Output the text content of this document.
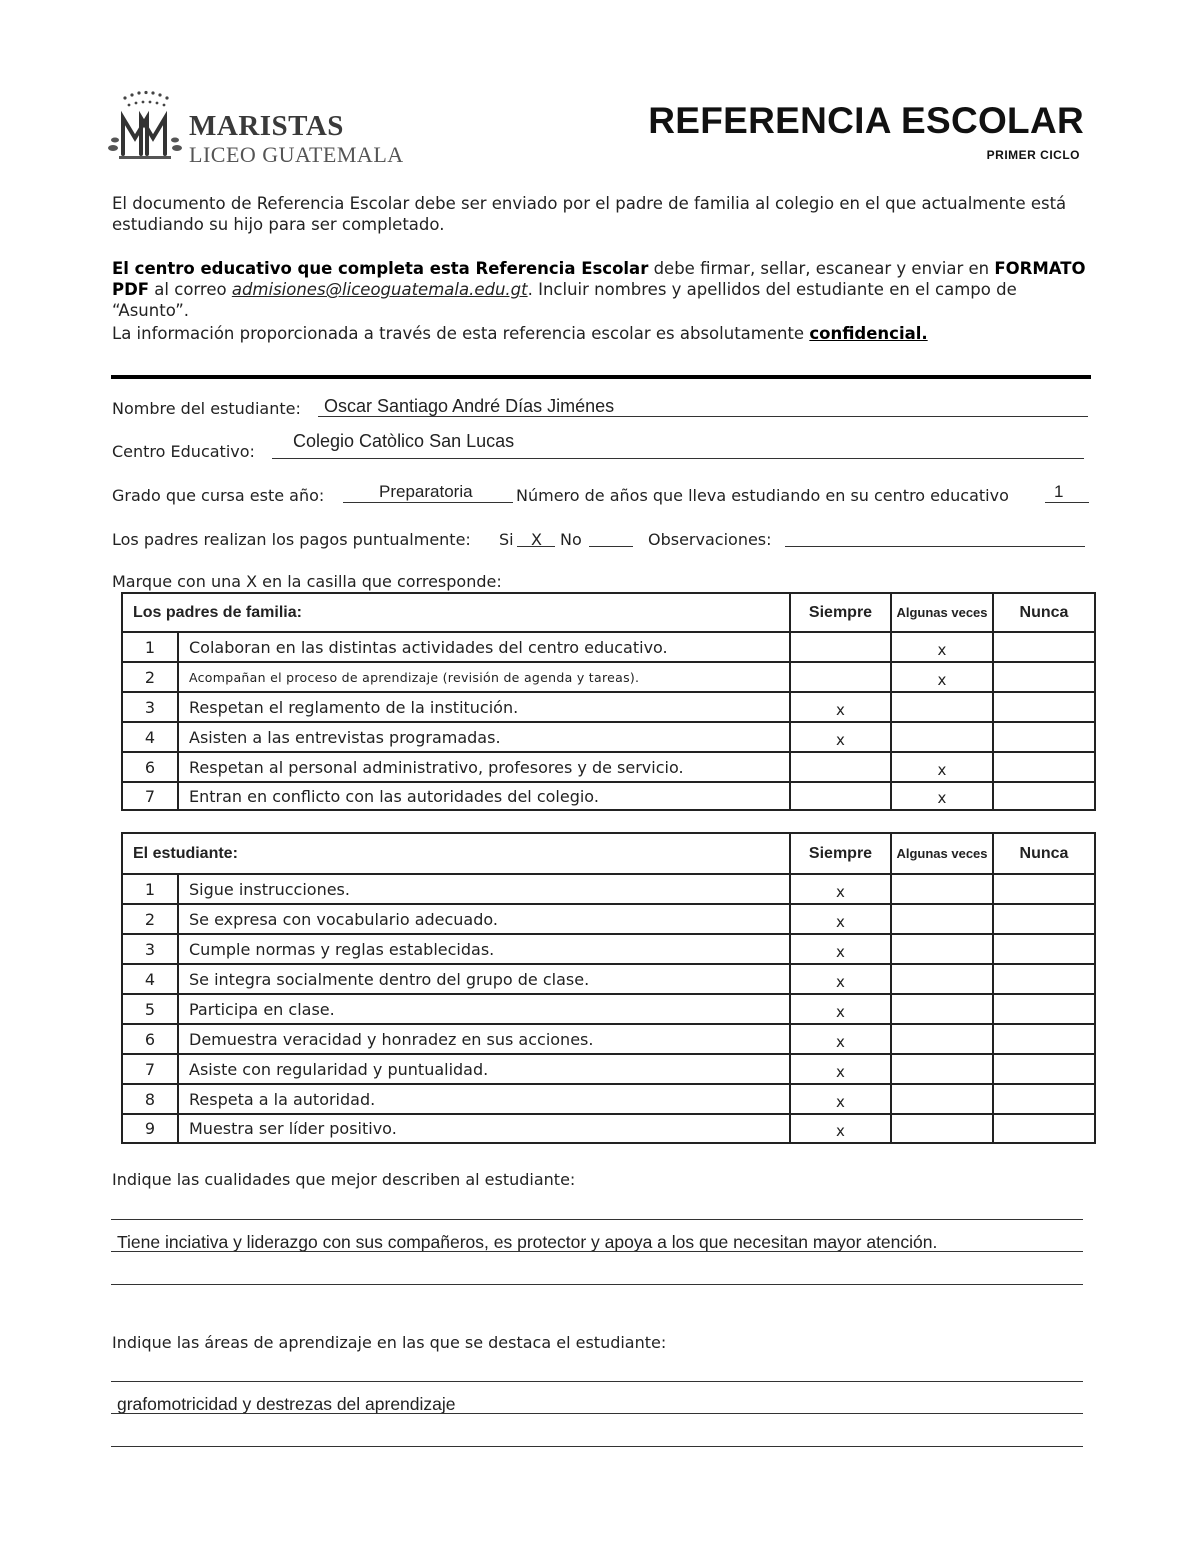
MARISTAS
LICEO GUATEMALA
REFERENCIA ESCOLAR
PRIMER CICLO
El documento de Referencia Escolar debe ser enviado por el padre de familia al colegio en el que actualmente está estudiando su hijo para ser completado.
El centro educativo que completa esta Referencia Escolar debe firmar, sellar, escanear y enviar en FORMATO PDF al correo admisiones@liceoguatemala.edu.gt. Incluir nombres y apellidos del estudiante en el campo de “Asunto”.
La información proporcionada a través de esta referencia escolar es absolutamente confidencial.
Nombre del estudiante: Oscar Santiago André Días Jiménes
Centro Educativo:
Colegio Catòlico San Lucas
Grado que cursa este año:	Preparatoria	Número de años que lleva estudiando en su centro educativo	1
Los padres realizan los pagos puntualmente: Si X No	Observaciones:
Marque con una X en la casilla que corresponde:
Los padres de familia:		Siempre	Algunas veces	Nunca
1	Colaboran en las distintas actividades del centro educativo.		x	
2	Acompañan el proceso de aprendizaje (revisión de agenda y tareas).		x	
3	Respetan el reglamento de la institución.	x		
4	Asisten a las entrevistas programadas.	x		
6	Respetan al personal administrativo, profesores y de servicio.		x	
7	Entran en conflicto con las autoridades del colegio.		x	
El estudiante:		Siempre	Algunas veces	Nunca
1	Sigue instrucciones.	x		
2	Se expresa con vocabulario adecuado.	x		
3	Cumple normas y reglas establecidas.	x		
4	Se integra socialmente dentro del grupo de clase.	x		
5	Participa en clase.	x		
6	Demuestra veracidad y honradez en sus acciones.	x		
7	Asiste con regularidad y puntualidad.	x		
8	Respeta a la autoridad.	x		
9	Muestra ser líder positivo.	x		
Indique las cualidades que mejor describen al estudiante:
Tiene inciativa y liderazgo con sus compañeros, es protector y apoya a los que necesitan mayor atención.
Indique las áreas de aprendizaje en las que se destaca el estudiante:
grafomotricidad y destrezas del aprendizaje
